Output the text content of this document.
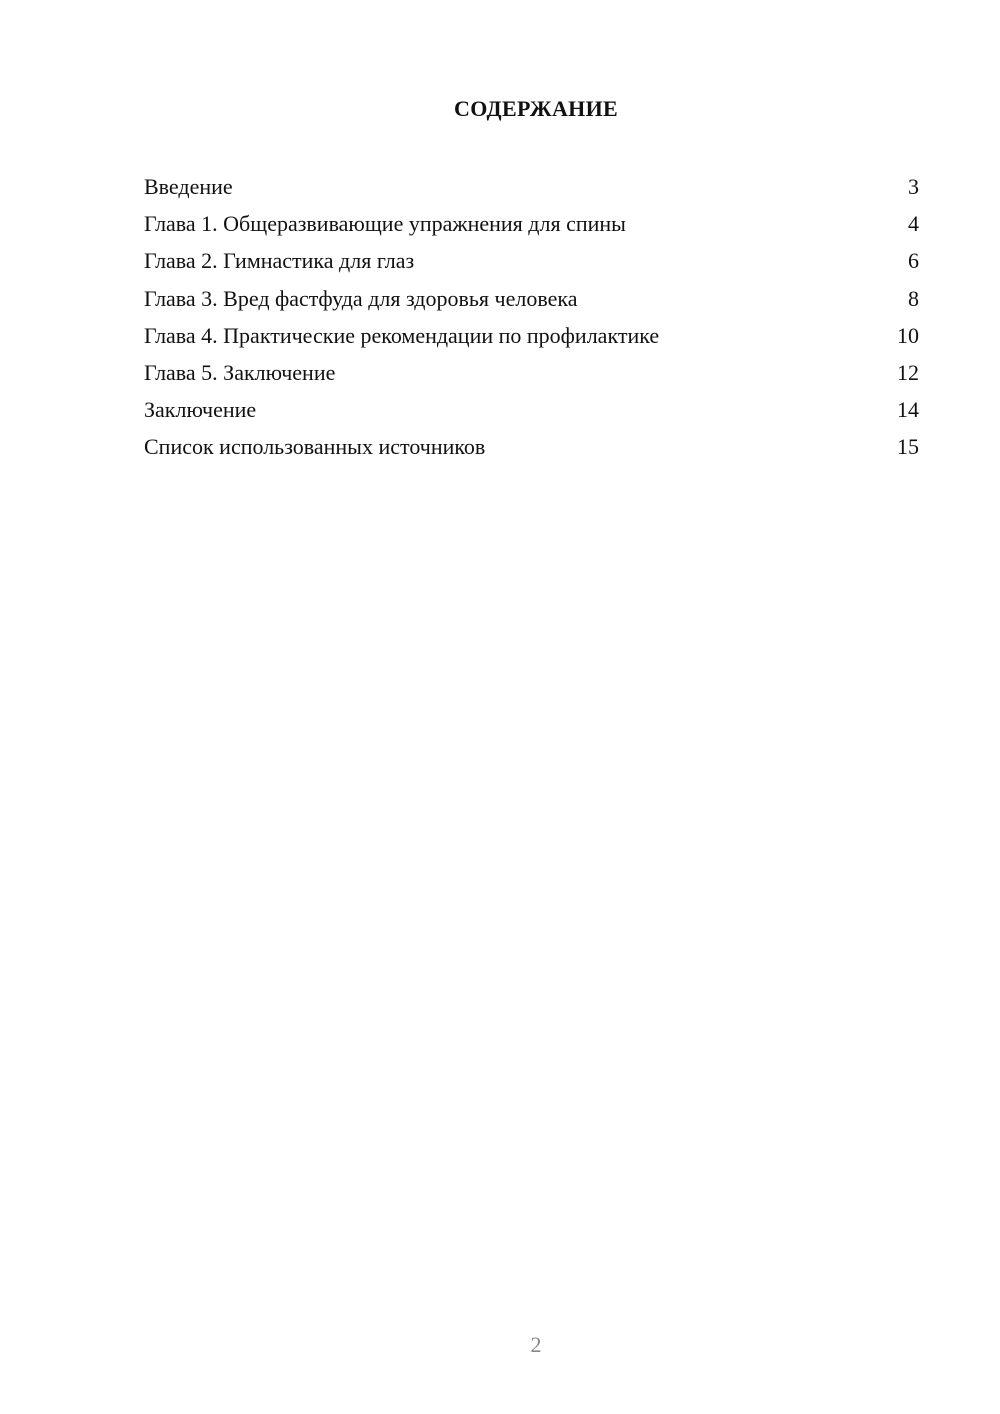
СОДЕРЖАНИЕ
Введение	3
Глава 1. Общеразвивающие упражнения для спины	4
Глава 2. Гимнастика для глаз	6
Глава 3. Вред фастфуда для здоровья человека	8
Глава 4. Практические рекомендации по профилактике	10
Глава 5. Заключение	12
Заключение	14
Список использованных источников	15
2
